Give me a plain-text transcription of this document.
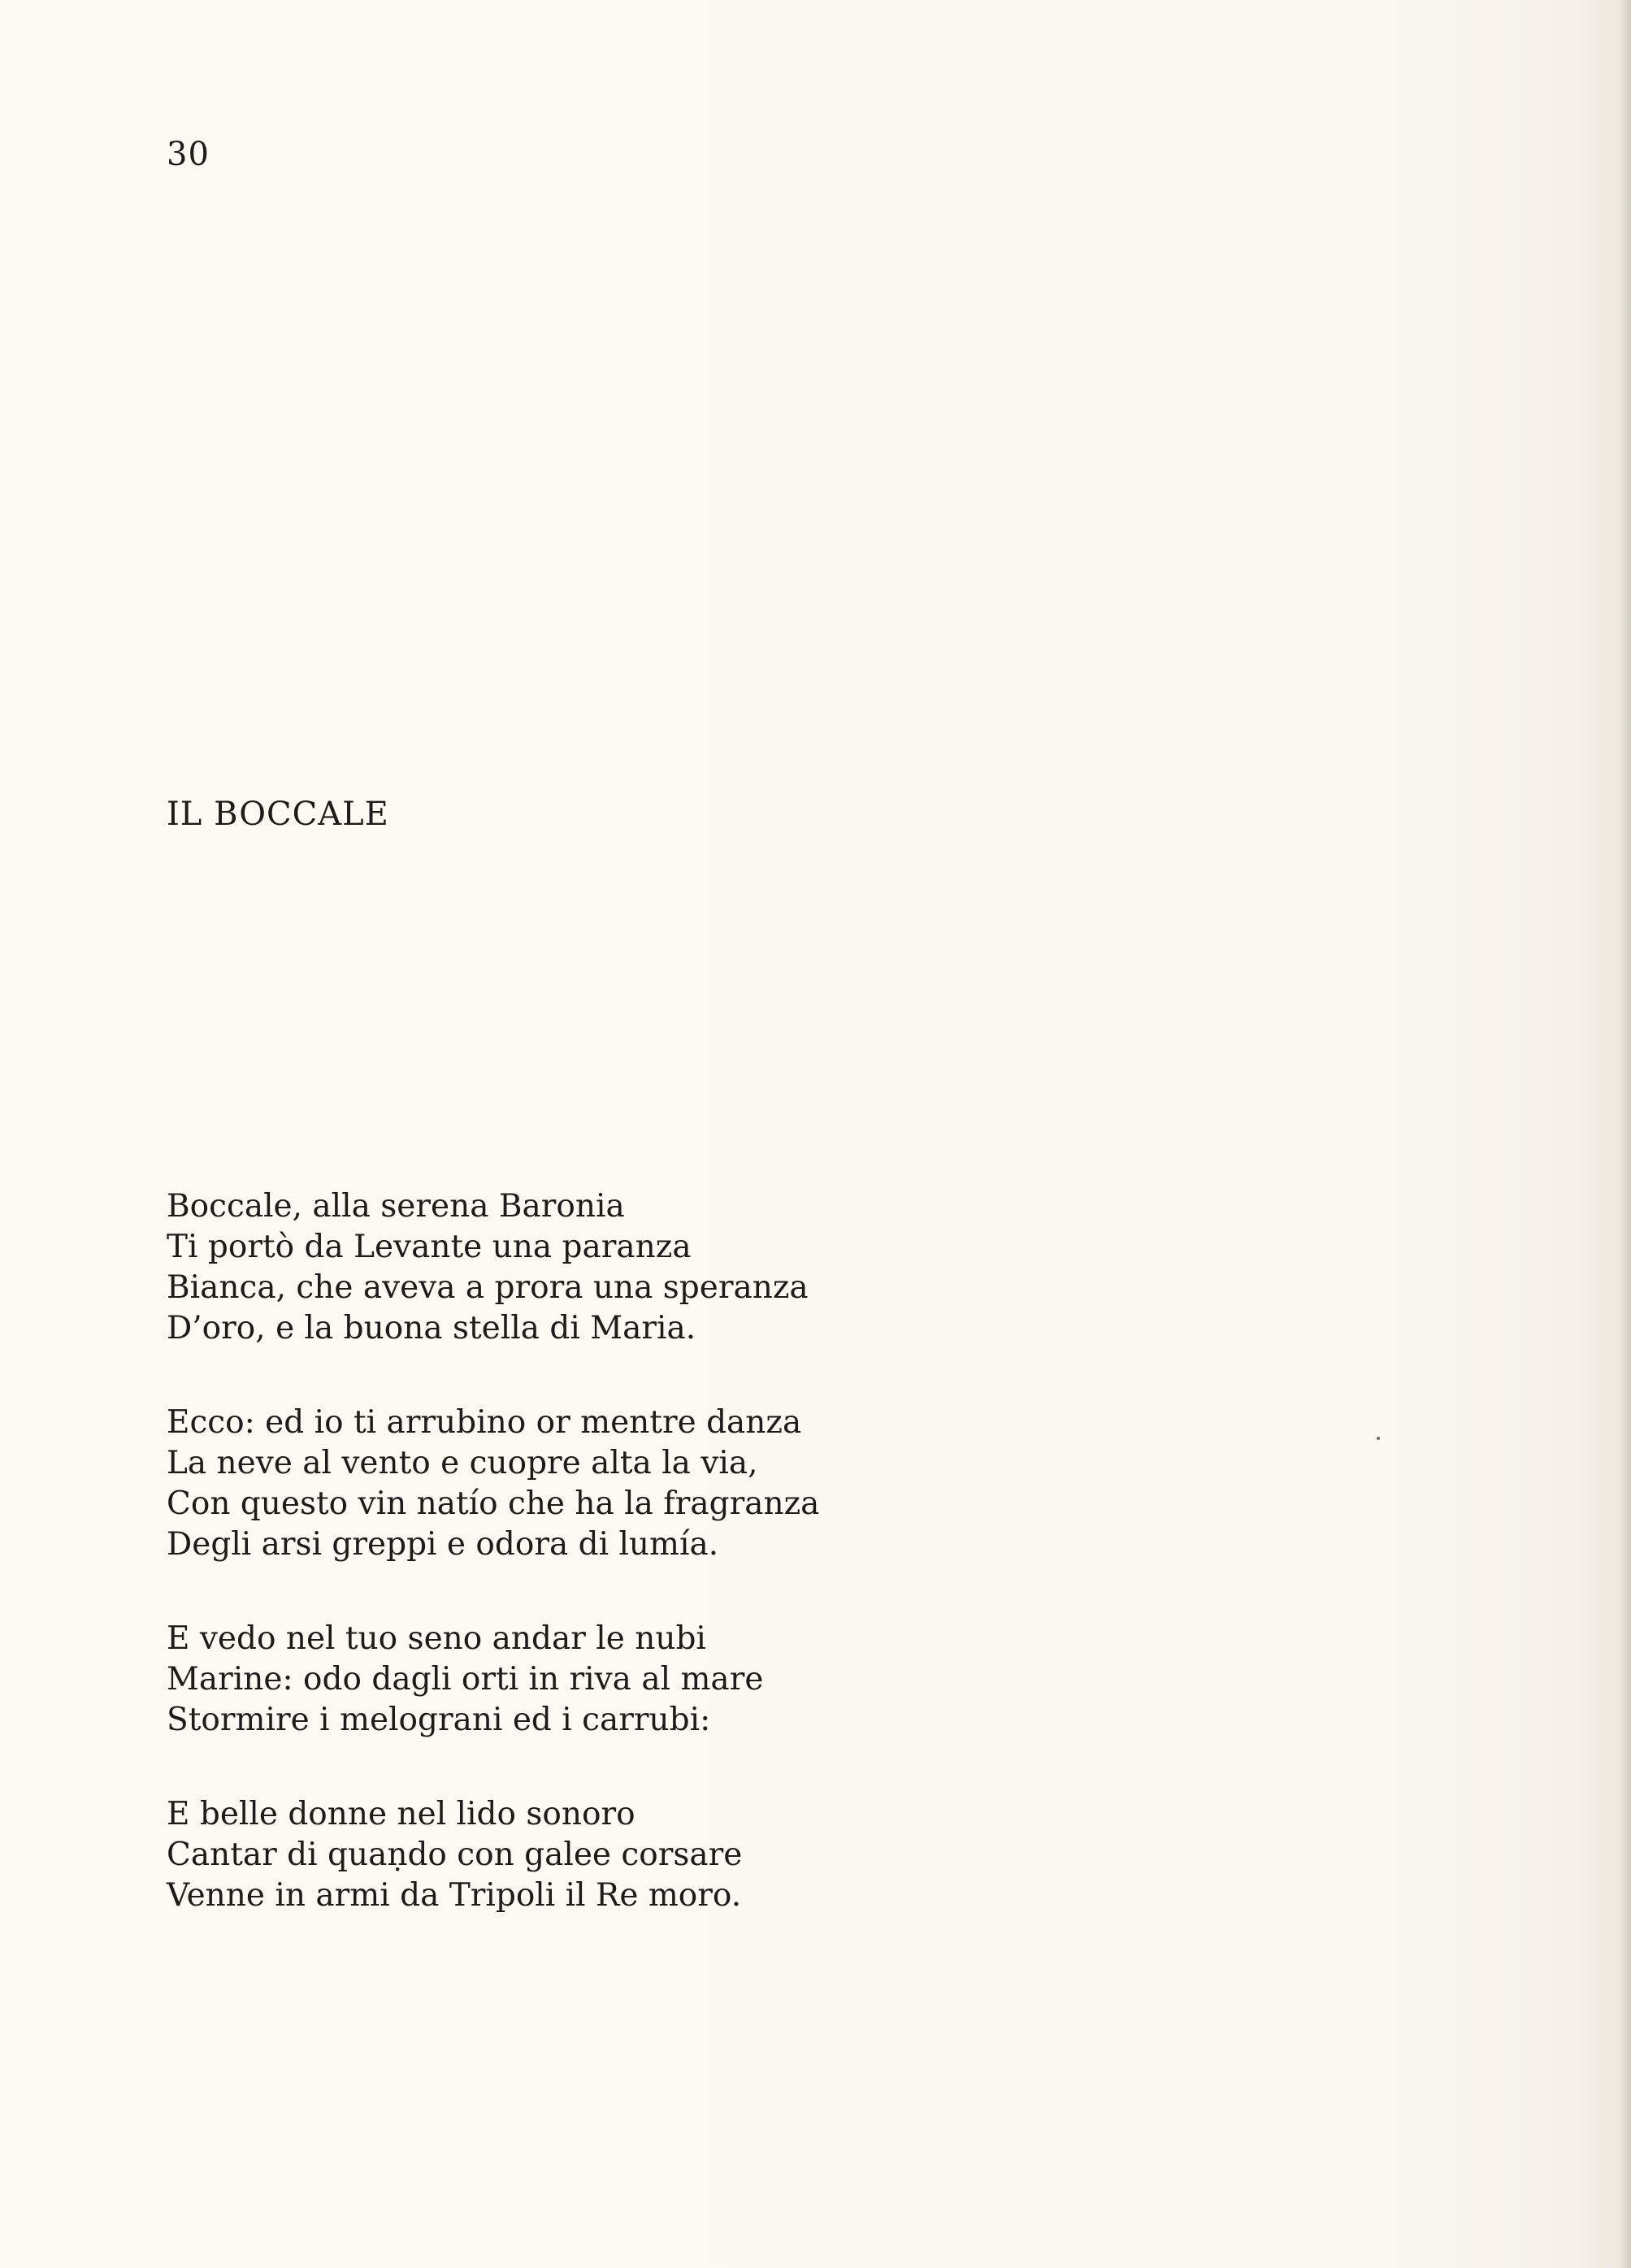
30
IL BOCCALE
Boccale, alla serena Baronia
Ti portò da Levante una paranza
Bianca, che aveva a prora una speranza
D’oro, e la buona stella di Maria.
Ecco: ed io ti arrubino or mentre danza
La neve al vento e cuopre alta la via,
Con questo vin natío che ha la fragranza
Degli arsi greppi e odora di lumía.
E vedo nel tuo seno andar le nubi
Marine: odo dagli orti in riva al mare
Stormire i melograni ed i carrubi:
E belle donne nel lido sonoro
Cantar di quaṇdo con galee corsare
Venne in armi da Tripoli il Re moro.
